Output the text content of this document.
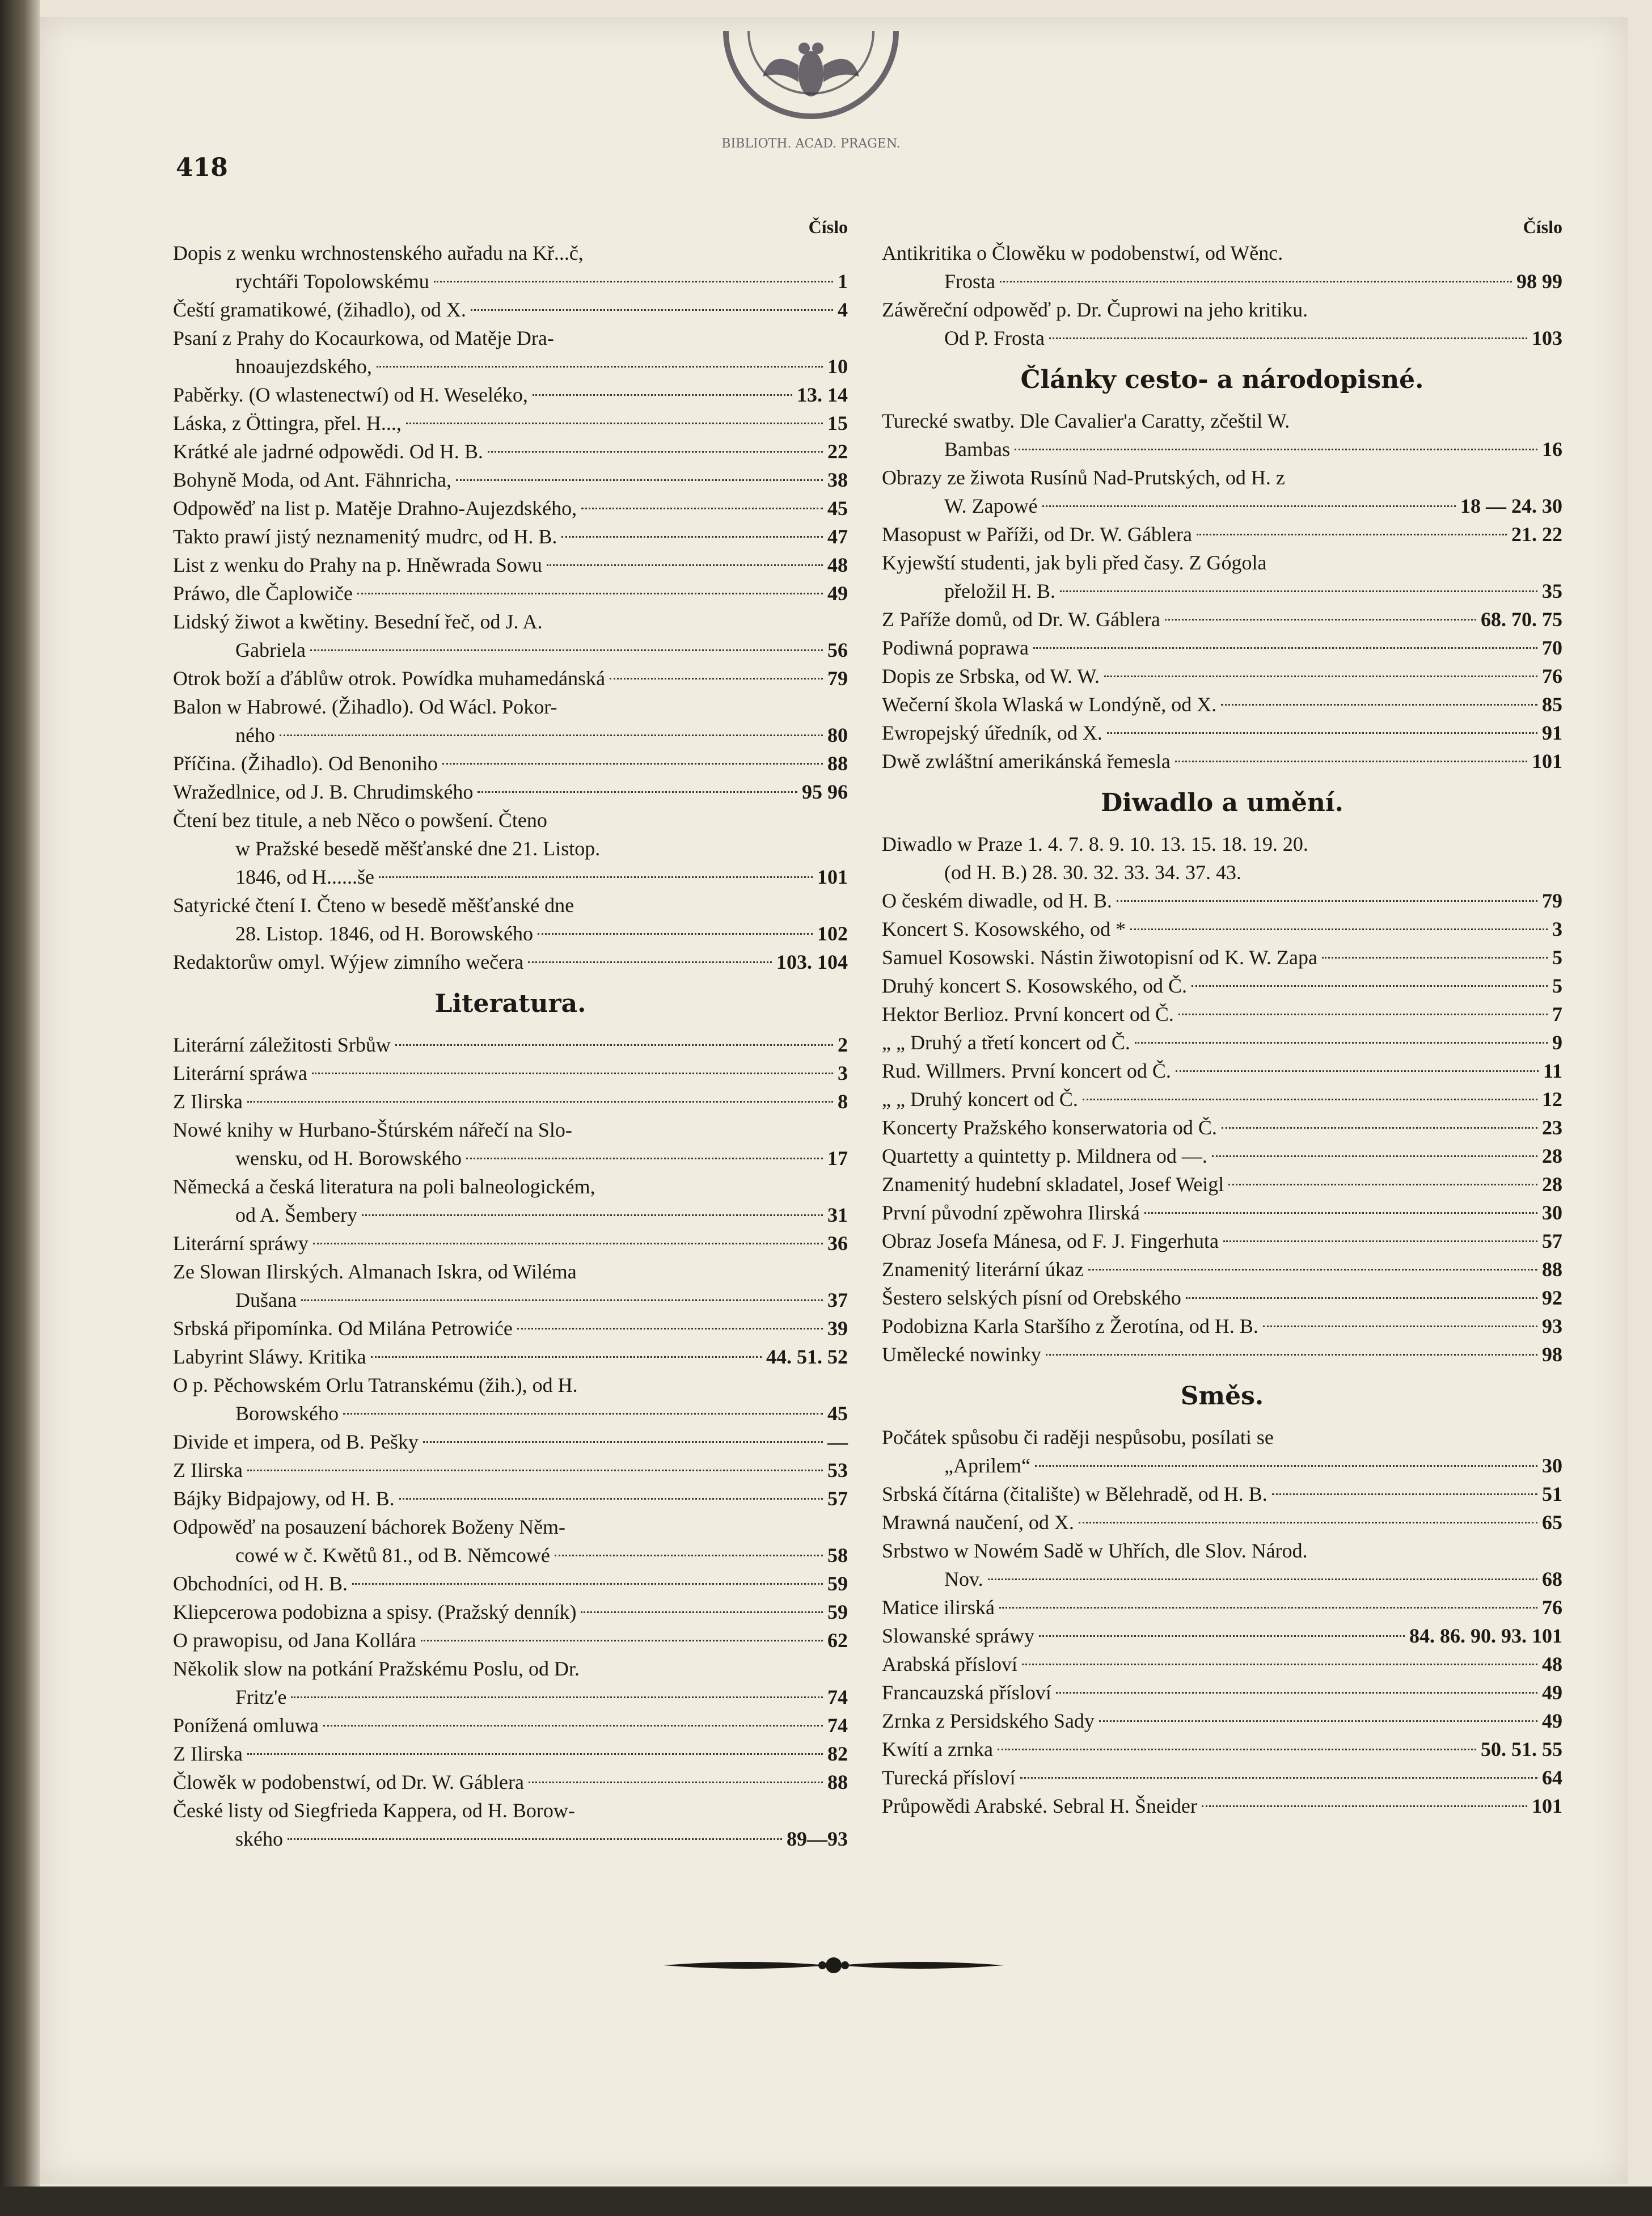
BIBLIOTH. ACAD. PRAGEN.
418
Číslo
Dopis z wenku wrchnostenského auřadu na Kř...č,
rychtáři Topolowskému	1
Čeští gramatikowé, (žihadlo), od X.	4
Psaní z Prahy do Kocaurkowa, od Matěje Dra-
hnoaujezdského,	10
Paběrky. (O wlastenectwí) od H. Weseléko,	13. 14
Láska, z Öttingra, přel. H...,	15
Krátké ale jadrné odpowědi. Od H. B.	22
Bohyně Moda, od Ant. Fähnricha,	38
Odpowěď na list p. Matěje Drahno-Aujezdského,	45
Takto prawí jistý neznamenitý mudrc, od H. B.	47
List z wenku do Prahy na p. Hněwrada Sowu	48
Práwo, dle Čaplowiče	49
Lidský žiwot a kwětiny. Besední řeč, od J. A.
Gabriela	56
Otrok boží a ďáblůw otrok. Powídka muhamedánská	79
Balon w Habrowé. (Žihadlo). Od Wácl. Pokor-
ného	80
Příčina. (Žihadlo). Od Benoniho	88
Wražedlnice, od J. B. Chrudimského	95 96
Čtení bez titule, a neb Něco o powšení. Čteno
w Pražské besedě měšťanské dne 21. Listop.
1846, od H......še	101
Satyrické čtení I. Čteno w besedě měšťanské dne
28. Listop. 1846, od H. Borowského	102
Redaktorůw omyl. Wýjew zimního wečera	103. 104
Literatura.
Literární záležitosti Srbůw	2
Literární spráwa	3
Z Ilirska	8
Nowé knihy w Hurbano-Štúrském nářečí na Slo-
wensku, od H. Borowského	17
Německá a česká literatura na poli balneologickém,
od A. Šembery	31
Literární spráwy	36
Ze Slowan Ilirských. Almanach Iskra, od Wiléma
Dušana	37
Srbská připomínka. Od Milána Petrowiće	39
Labyrint Sláwy. Kritika	44. 51. 52
O p. Pěchowském Orlu Tatranskému (žih.), od H.
Borowského	45
Divide et impera, od B. Pešky	—
Z Ilirska	53
Bájky Bidpajowy, od H. B.	57
Odpowěď na posauzení báchorek Boženy Něm-
cowé w č. Kwětů 81., od B. Němcowé	58
Obchodníci, od H. B.	59
Kliepcerowa podobizna a spisy. (Pražský denník)	59
O prawopisu, od Jana Kollára	62
Několik slow na potkání Pražskému Poslu, od Dr.
Fritz'e	74
Ponížená omluwa	74
Z Ilirska	82
Člowěk w podobenstwí, od Dr. W. Gáblera	88
České listy od Siegfrieda Kappera, od H. Borow-
ského	89—93
Číslo
Antikritika o Člowěku w podobenstwí, od Wěnc.
Frosta	98 99
Záwěreční odpowěď p. Dr. Čuprowi na jeho kritiku.
Od P. Frosta	103
Články cesto- a národopisné.
Turecké swatby. Dle Cavalier'a Caratty, zčeštil W.
Bambas	16
Obrazy ze žiwota Rusínů Nad-Prutských, od H. z
W. Zapowé	18 — 24. 30
Masopust w Paříži, od Dr. W. Gáblera	21. 22
Kyjewští studenti, jak byli před časy. Z Gógola
přeložil H. B.	35
Z Paříže domů, od Dr. W. Gáblera	68. 70. 75
Podiwná poprawa	70
Dopis ze Srbska, od W. W.	76
Wečerní škola Wlaská w Londýně, od X.	85
Ewropejský úředník, od X.	91
Dwě zwláštní amerikánská řemesla	101
Diwadlo a umění.
Diwadlo w Praze 1. 4. 7. 8. 9. 10. 13. 15. 18. 19. 20.
(od H. B.) 28. 30. 32. 33. 34. 37. 43.
O českém diwadle, od H. B.	79
Koncert S. Kosowského, od *	3
Samuel Kosowski. Nástin žiwotopisní od K. W. Zapa	5
Druhý koncert S. Kosowského, od Č.	5
Hektor Berlioz. První koncert od Č.	7
„ „ Druhý a třetí koncert od Č.	9
Rud. Willmers. První koncert od Č.	11
„ „ Druhý koncert od Č.	12
Koncerty Pražského konserwatoria od Č.	23
Quartetty a quintetty p. Mildnera od —.	28
Znamenitý hudební skladatel, Josef Weigl	28
První původní zpěwohra Ilirská	30
Obraz Josefa Mánesa, od F. J. Fingerhuta	57
Znamenitý literární úkaz	88
Šestero selských písní od Orebského	92
Podobizna Karla Staršího z Žerotína, od H. B.	93
Umělecké nowinky	98
Směs.
Počátek spůsobu či raději nespůsobu, posílati se
„Aprilem“	30
Srbská čítárna (čitalište) w Bělehradě, od H. B.	51
Mrawná naučení, od X.	65
Srbstwo w Nowém Sadě w Uhřích, dle Slov. Národ.
Nov.	68
Matice ilirská	76
Slowanské spráwy	84. 86. 90. 93. 101
Arabská přísloví	48
Francauzská přísloví	49
Zrnka z Persidského Sady	49
Kwítí a zrnka	50. 51. 55
Turecká přísloví	64
Průpowědi Arabské. Sebral H. Šneider	101
